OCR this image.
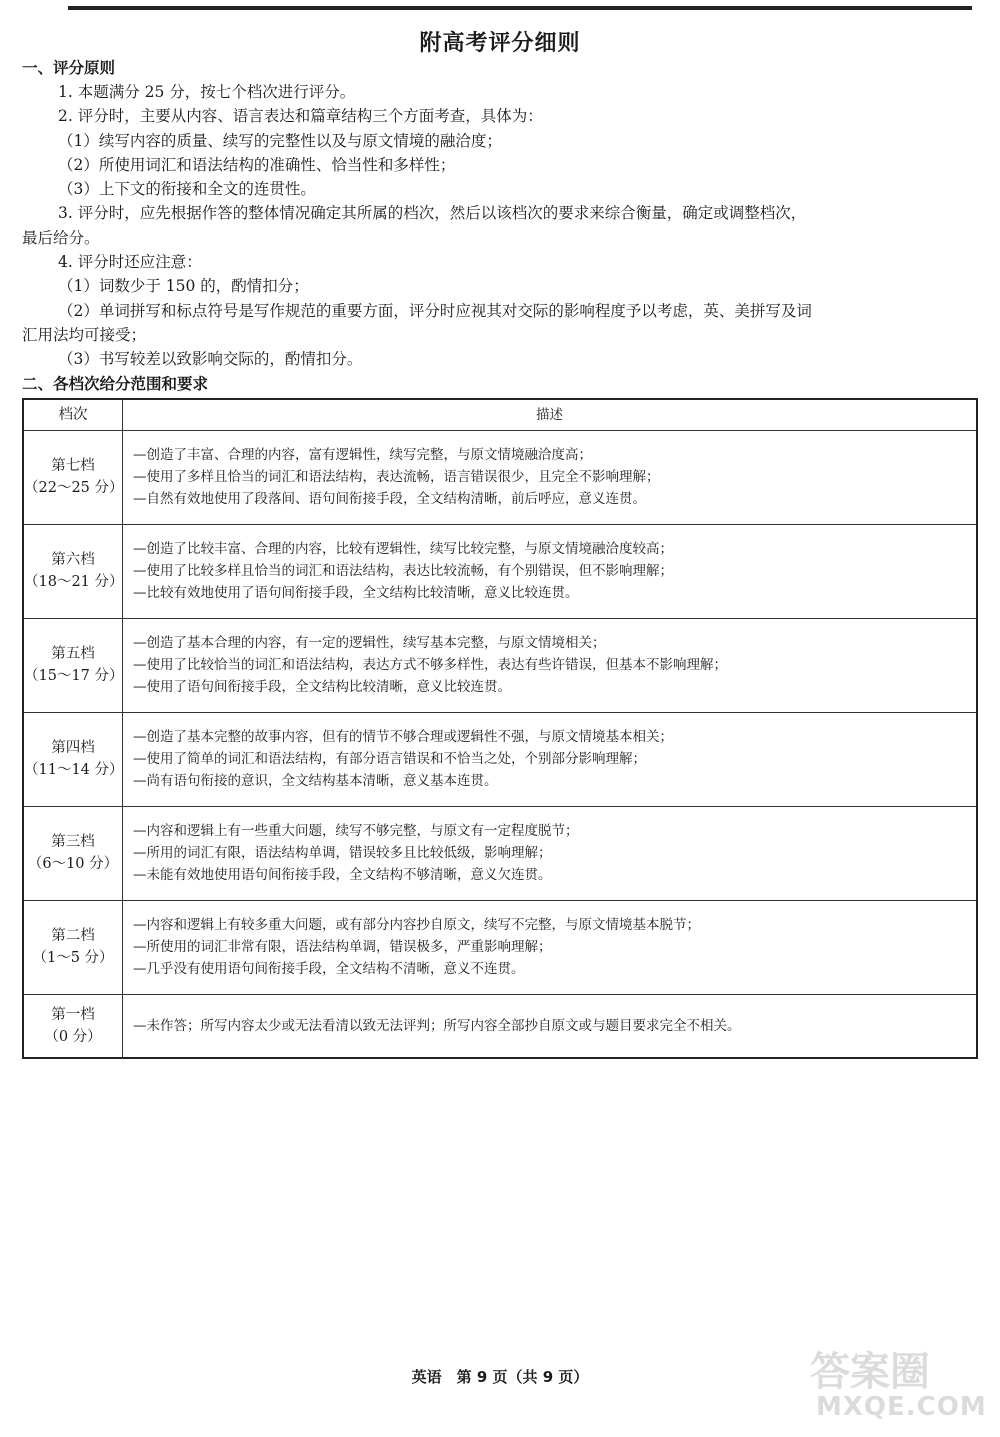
附高考评分细则
一、评分原则
1. 本题满分 25 分，按七个档次进行评分。
2. 评分时，主要从内容、语言表达和篇章结构三个方面考查，具体为：
（1）续写内容的质量、续写的完整性以及与原文情境的融洽度；
（2）所使用词汇和语法结构的准确性、恰当性和多样性；
（3）上下文的衔接和全文的连贯性。
3. 评分时，应先根据作答的整体情况确定其所属的档次，然后以该档次的要求来综合衡量，确定或调整档次，
最后给分。
4. 评分时还应注意：
（1）词数少于 150 的，酌情扣分；
（2）单词拼写和标点符号是写作规范的重要方面，评分时应视其对交际的影响程度予以考虑，英、美拼写及词
汇用法均可接受；
（3）书写较差以致影响交际的，酌情扣分。
二、各档次给分范围和要求
档次	描述
第七档
（22～25 分）
—创造了丰富、合理的内容，富有逻辑性，续写完整，与原文情境融洽度高；
—使用了多样且恰当的词汇和语法结构，表达流畅，语言错误很少，且完全不影响理解；
—自然有效地使用了段落间、语句间衔接手段，全文结构清晰，前后呼应，意义连贯。
第六档
（18～21 分）
—创造了比较丰富、合理的内容，比较有逻辑性，续写比较完整，与原文情境融洽度较高；
—使用了比较多样且恰当的词汇和语法结构，表达比较流畅，有个别错误，但不影响理解；
—比较有效地使用了语句间衔接手段，全文结构比较清晰，意义比较连贯。
第五档
（15～17 分）
—创造了基本合理的内容，有一定的逻辑性，续写基本完整，与原文情境相关；
—使用了比较恰当的词汇和语法结构，表达方式不够多样性，表达有些许错误，但基本不影响理解；
—使用了语句间衔接手段，全文结构比较清晰，意义比较连贯。
第四档
（11～14 分）
—创造了基本完整的故事内容，但有的情节不够合理或逻辑性不强，与原文情境基本相关；
—使用了简单的词汇和语法结构，有部分语言错误和不恰当之处，个别部分影响理解；
—尚有语句衔接的意识，全文结构基本清晰，意义基本连贯。
第三档
（6～10 分）
—内容和逻辑上有一些重大问题，续写不够完整，与原文有一定程度脱节；
—所用的词汇有限，语法结构单调，错误较多且比较低级，影响理解；
—未能有效地使用语句间衔接手段，全文结构不够清晰，意义欠连贯。
第二档
（1～5 分）
—内容和逻辑上有较多重大问题，或有部分内容抄自原文，续写不完整，与原文情境基本脱节；
—所使用的词汇非常有限，语法结构单调，错误极多，严重影响理解；
—几乎没有使用语句间衔接手段，全文结构不清晰，意义不连贯。
第一档
（0 分）
—未作答；所写内容太少或无法看清以致无法评判；所写内容全部抄自原文或与题目要求完全不相关。
英语　第 9 页（共 9 页）	答案圈
MXQE.COM
